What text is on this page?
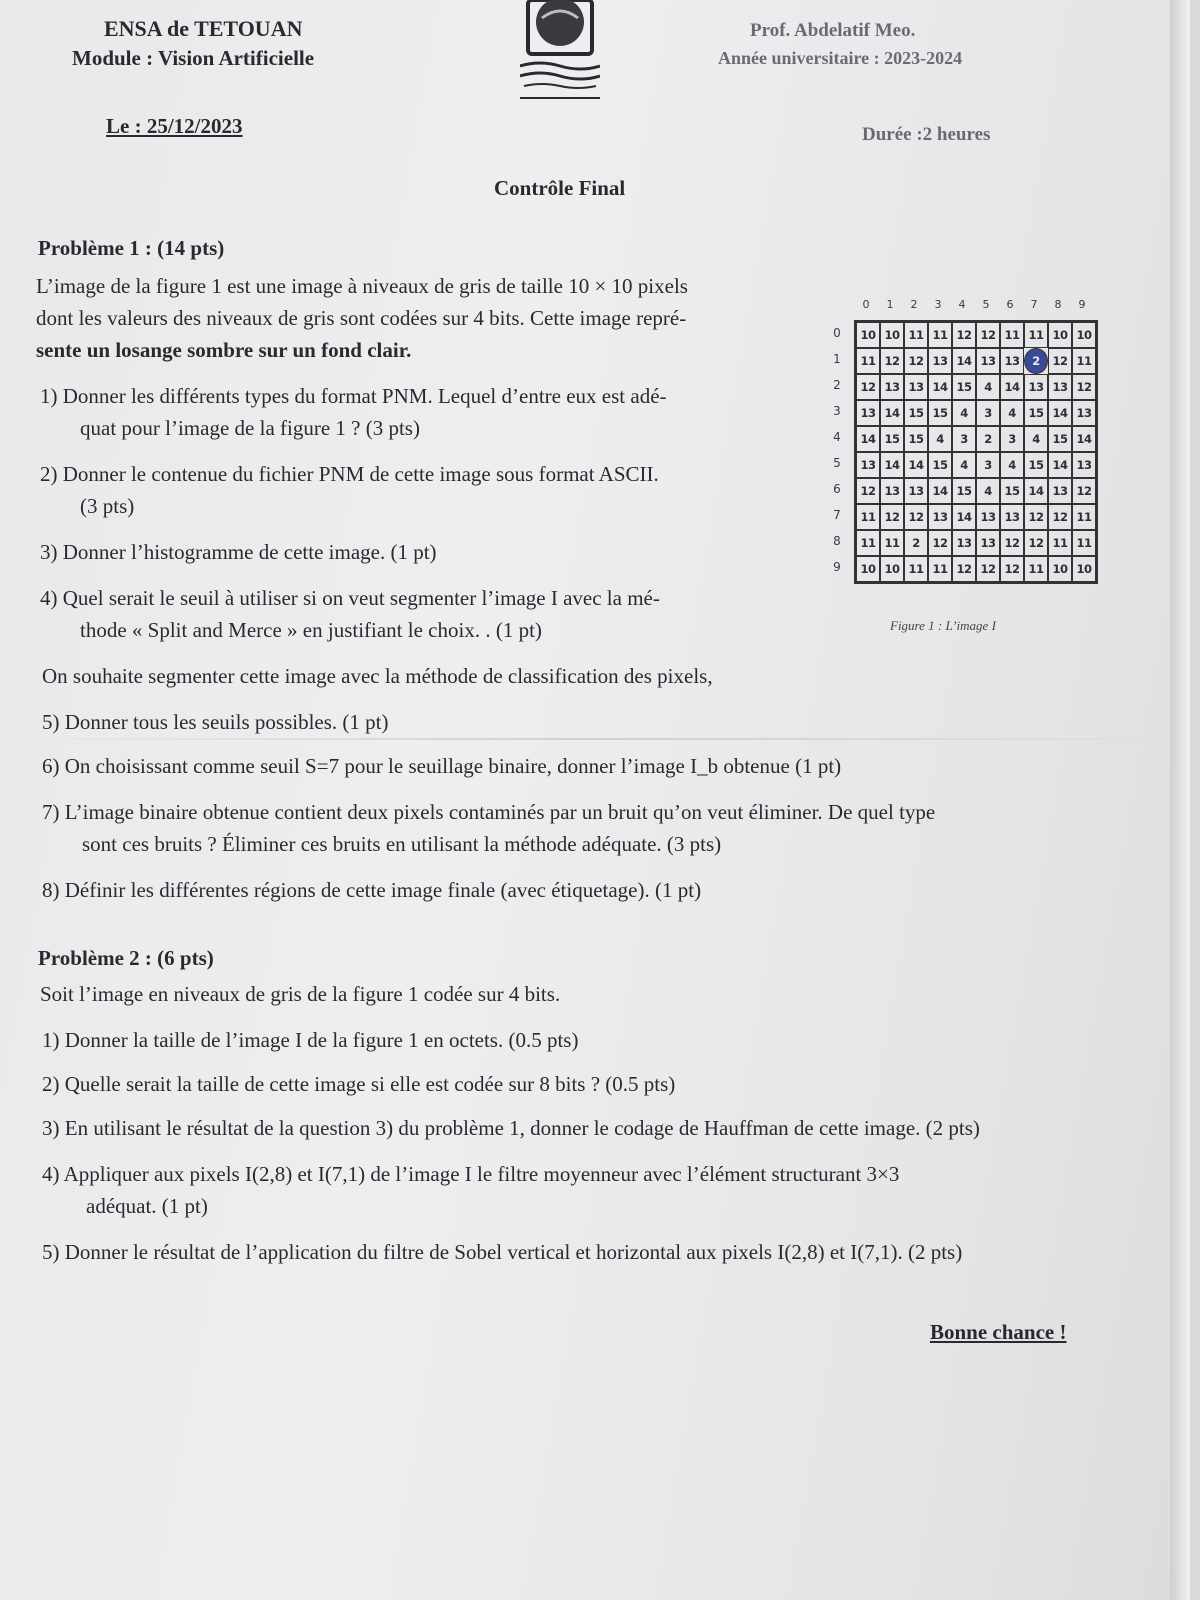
ENSA de TETOUAN
Module : Vision Artificielle
Prof. Abdelatif Meo.
Année universitaire : 2023-2024
Le : 25/12/2023	Durée :2 heures
Contrôle Final
Problème 1 : (14 pts)
L’image de la figure 1 est une image à niveaux de gris de taille 10 × 10 pixels
dont les valeurs des niveaux de gris sont codées sur 4 bits. Cette image repré-
sente un losange sombre sur un fond clair.
1) Donner les différents types du format PNM. Lequel d’entre eux est adé-
quat pour l’image de la figure 1 ? (3 pts)
2) Donner le contenue du fichier PNM de cette image sous format ASCII.
(3 pts)
3) Donner l’histogramme de cette image. (1 pt)
4) Quel serait le seuil à utiliser si on veut segmenter l’image I avec la mé-
thode « Split and Merce » en justifiant le choix. . (1 pt)
On souhaite segmenter cette image avec la méthode de classification des pixels,
5) Donner tous les seuils possibles. (1 pt)
6) On choisissant comme seuil S=7 pour le seuillage binaire, donner l’image I_b obtenue (1 pt)
7) L’image binaire obtenue contient deux pixels contaminés par un bruit qu’on veut éliminer. De quel type
sont ces bruits ? Éliminer ces bruits en utilisant la méthode adéquate. (3 pts)
8) Définir les différentes régions de cette image finale (avec étiquetage). (1 pt)
0	1	2	3	4	5	6	7	8	9
0
1
2
3
4
5
6
7
8
9
10 10 11 11 12 12 11 11 10 10
11 12 12 13 14 13 13	2	12 11
12 13 13 14 15	4	14 13 13 12
13 14 15 15	4	3	4	15 14 13
14 15 15	4	3	2	3	4	15 14
13 14 14 15	4	3	4	15 14 13
12 13 13 14 15	4	15 14 13 12
11 12 12 13 14 13 13 12 12 11
11 11	2	12 13 13 12 12 11 11
10 10 11 11 12 12 12 11 10 10
Figure 1 : L’image I
Problème 2 : (6 pts)
Soit l’image en niveaux de gris de la figure 1 codée sur 4 bits.
1) Donner la taille de l’image I de la figure 1 en octets. (0.5 pts)
2) Quelle serait la taille de cette image si elle est codée sur 8 bits ? (0.5 pts)
3) En utilisant le résultat de la question 3) du problème 1, donner le codage de Hauffman de cette image. (2 pts)
4) Appliquer aux pixels I(2,8) et I(7,1) de l’image I le filtre moyenneur avec l’élément structurant 3×3
adéquat. (1 pt)
5) Donner le résultat de l’application du filtre de Sobel vertical et horizontal aux pixels I(2,8) et I(7,1). (2 pts)
Bonne chance !
